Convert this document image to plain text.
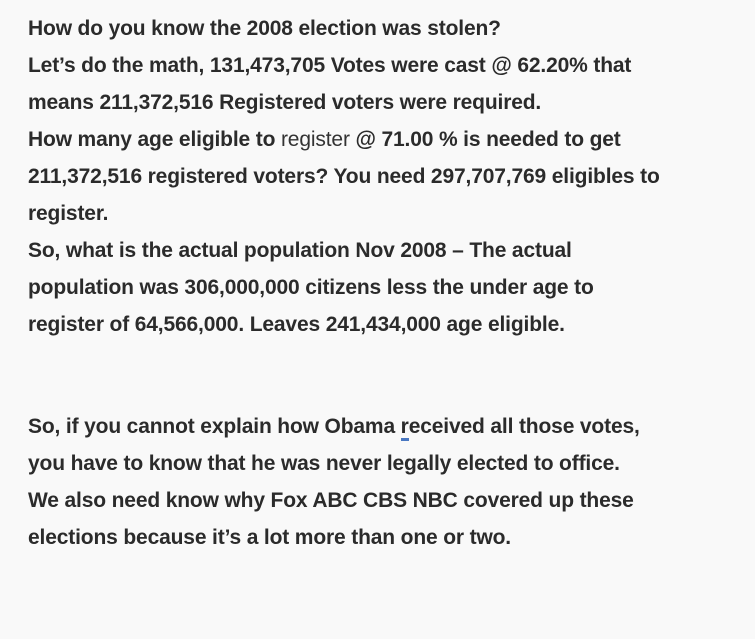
How do you know the 2008 election was stolen?

Let’s do the math, 131,473,705 Votes were cast @ 62.20% that
means 211,372,516 Registered voters were required.

How many age eligible to register @ 71.00 % is needed to get
211,372,516 registered voters? You need 297,707,769 eligibles to
register.

So, what is the actual population Nov 2008 – The actual
population was 306,000,000 citizens less the under age to
register of 64,566,000. Leaves 241,434,000 age eligible.

So, if you cannot explain how Obama received all those votes,
you have to know that he was never legally elected to office.

We also need know why Fox ABC CBS NBC covered up these
elections because it’s a lot more than one or two.
